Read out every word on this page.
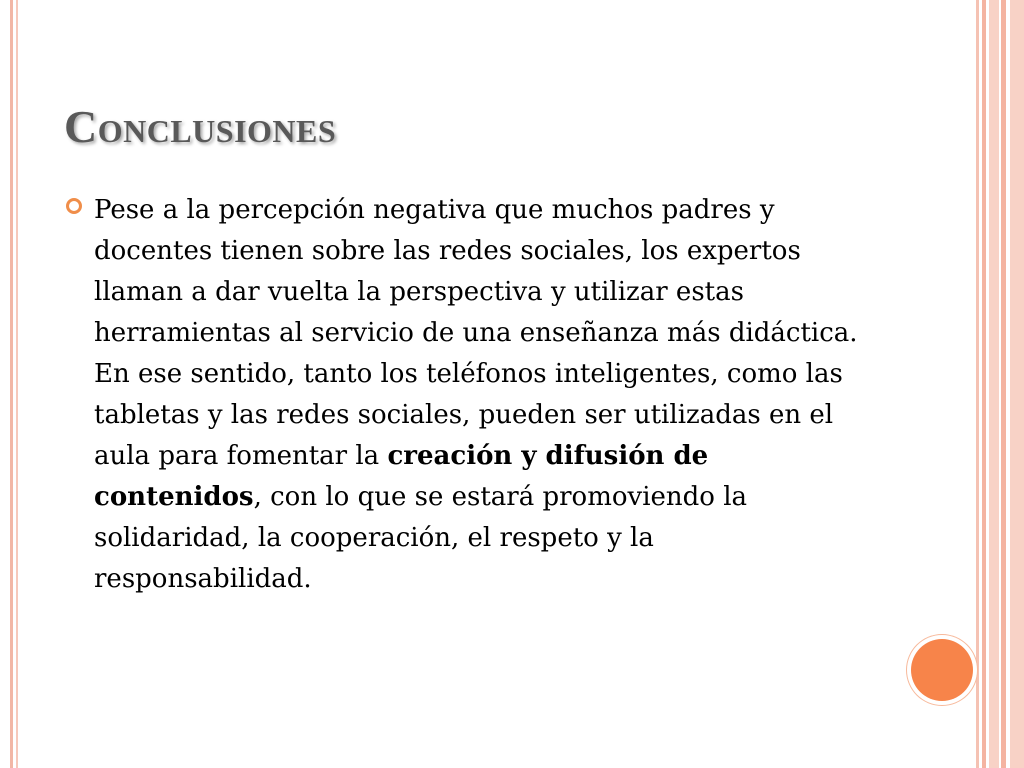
Conclusiones
Pese a la percepción negativa que muchos padres y docentes tienen sobre las redes sociales, los expertos llaman a dar vuelta la perspectiva y utilizar estas herramientas al servicio de una enseñanza más didáctica. En ese sentido, tanto los teléfonos inteligentes, como las tabletas y las redes sociales, pueden ser utilizadas en el aula para fomentar la creación y difusión de contenidos, con lo que se estará promoviendo la solidaridad, la cooperación, el respeto y la responsabilidad.
